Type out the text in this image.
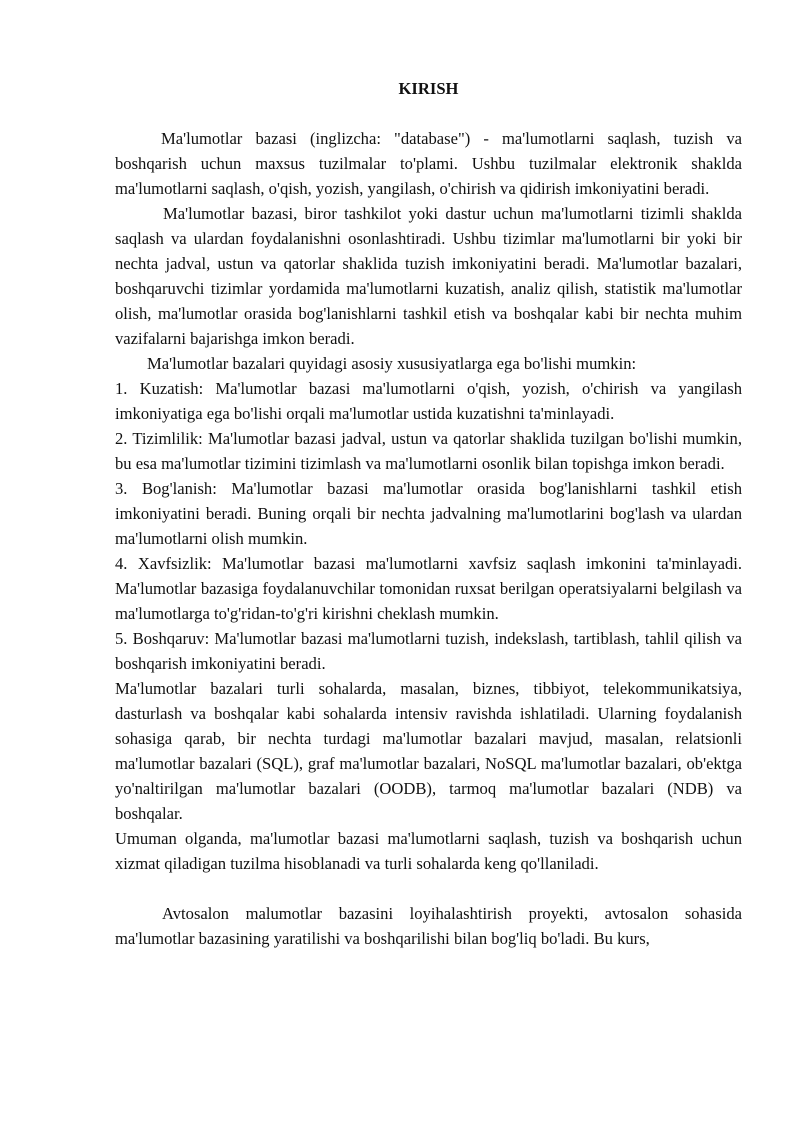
KIRISH

Ma'lumotlar bazasi (inglizcha: "database") - ma'lumotlarni saqlash, tuzish va boshqarish uchun maxsus tuzilmalar to'plami. Ushbu tuzilmalar elektronik shaklda ma'lumotlarni saqlash, o'qish, yozish, yangilash, o'chirish va qidirish imkoniyatini beradi.

Ma'lumotlar bazasi, biror tashkilot yoki dastur uchun ma'lumotlarni tizimli shaklda saqlash va ulardan foydalanishni osonlashtiradi. Ushbu tizimlar ma'lumotlarni bir yoki bir nechta jadval, ustun va qatorlar shaklida tuzish imkoniyatini beradi. Ma'lumotlar bazalari, boshqaruvchi tizimlar yordamida ma'lumotlarni kuzatish, analiz qilish, statistik ma'lumotlar olish, ma'lumotlar orasida bog'lanishlarni tashkil etish va boshqalar kabi bir nechta muhim vazifalarni bajarishga imkon beradi.

Ma'lumotlar bazalari quyidagi asosiy xususiyatlarga ega bo'lishi mumkin:

1. Kuzatish: Ma'lumotlar bazasi ma'lumotlarni o'qish, yozish, o'chirish va yangilash imkoniyatiga ega bo'lishi orqali ma'lumotlar ustida kuzatishni ta'minlayadi.

2. Tizimlilik: Ma'lumotlar bazasi jadval, ustun va qatorlar shaklida tuzilgan bo'lishi mumkin, bu esa ma'lumotlar tizimini tizimlash va ma'lumotlarni osonlik bilan topishga imkon beradi.

3. Bog'lanish: Ma'lumotlar bazasi ma'lumotlar orasida bog'lanishlarni tashkil etish imkoniyatini beradi. Buning orqali bir nechta jadvalning ma'lumotlarini bog'lash va ulardan ma'lumotlarni olish mumkin.

4. Xavfsizlik: Ma'lumotlar bazasi ma'lumotlarni xavfsiz saqlash imkonini ta'minlayadi. Ma'lumotlar bazasiga foydalanuvchilar tomonidan ruxsat berilgan operatsiyalarni belgilash va ma'lumotlarga to'g'ridan-to'g'ri kirishni cheklash mumkin.

5. Boshqaruv: Ma'lumotlar bazasi ma'lumotlarni tuzish, indekslash, tartiblash, tahlil qilish va boshqarish imkoniyatini beradi.

Ma'lumotlar bazalari turli sohalarda, masalan, biznes, tibbiyot, telekommunikatsiya, dasturlash va boshqalar kabi sohalarda intensiv ravishda ishlatiladi. Ularning foydalanish sohasiga qarab, bir nechta turdagi ma'lumotlar bazalari mavjud, masalan, relatsionli ma'lumotlar bazalari (SQL), graf ma'lumotlar bazalari, NoSQL ma'lumotlar bazalari, ob'ektga yo'naltirilgan ma'lumotlar bazalari (OODB), tarmoq ma'lumotlar bazalari (NDB) va boshqalar.

Umuman olganda, ma'lumotlar bazasi ma'lumotlarni saqlash, tuzish va boshqarish uchun xizmat qiladigan tuzilma hisoblanadi va turli sohalarda keng qo'llaniladi.

Avtosalon malumotlar bazasini loyihalashtirish proyekti, avtosalon sohasida ma'lumotlar bazasining yaratilishi va boshqarilishi bilan bog'liq bo'ladi. Bu kurs,
